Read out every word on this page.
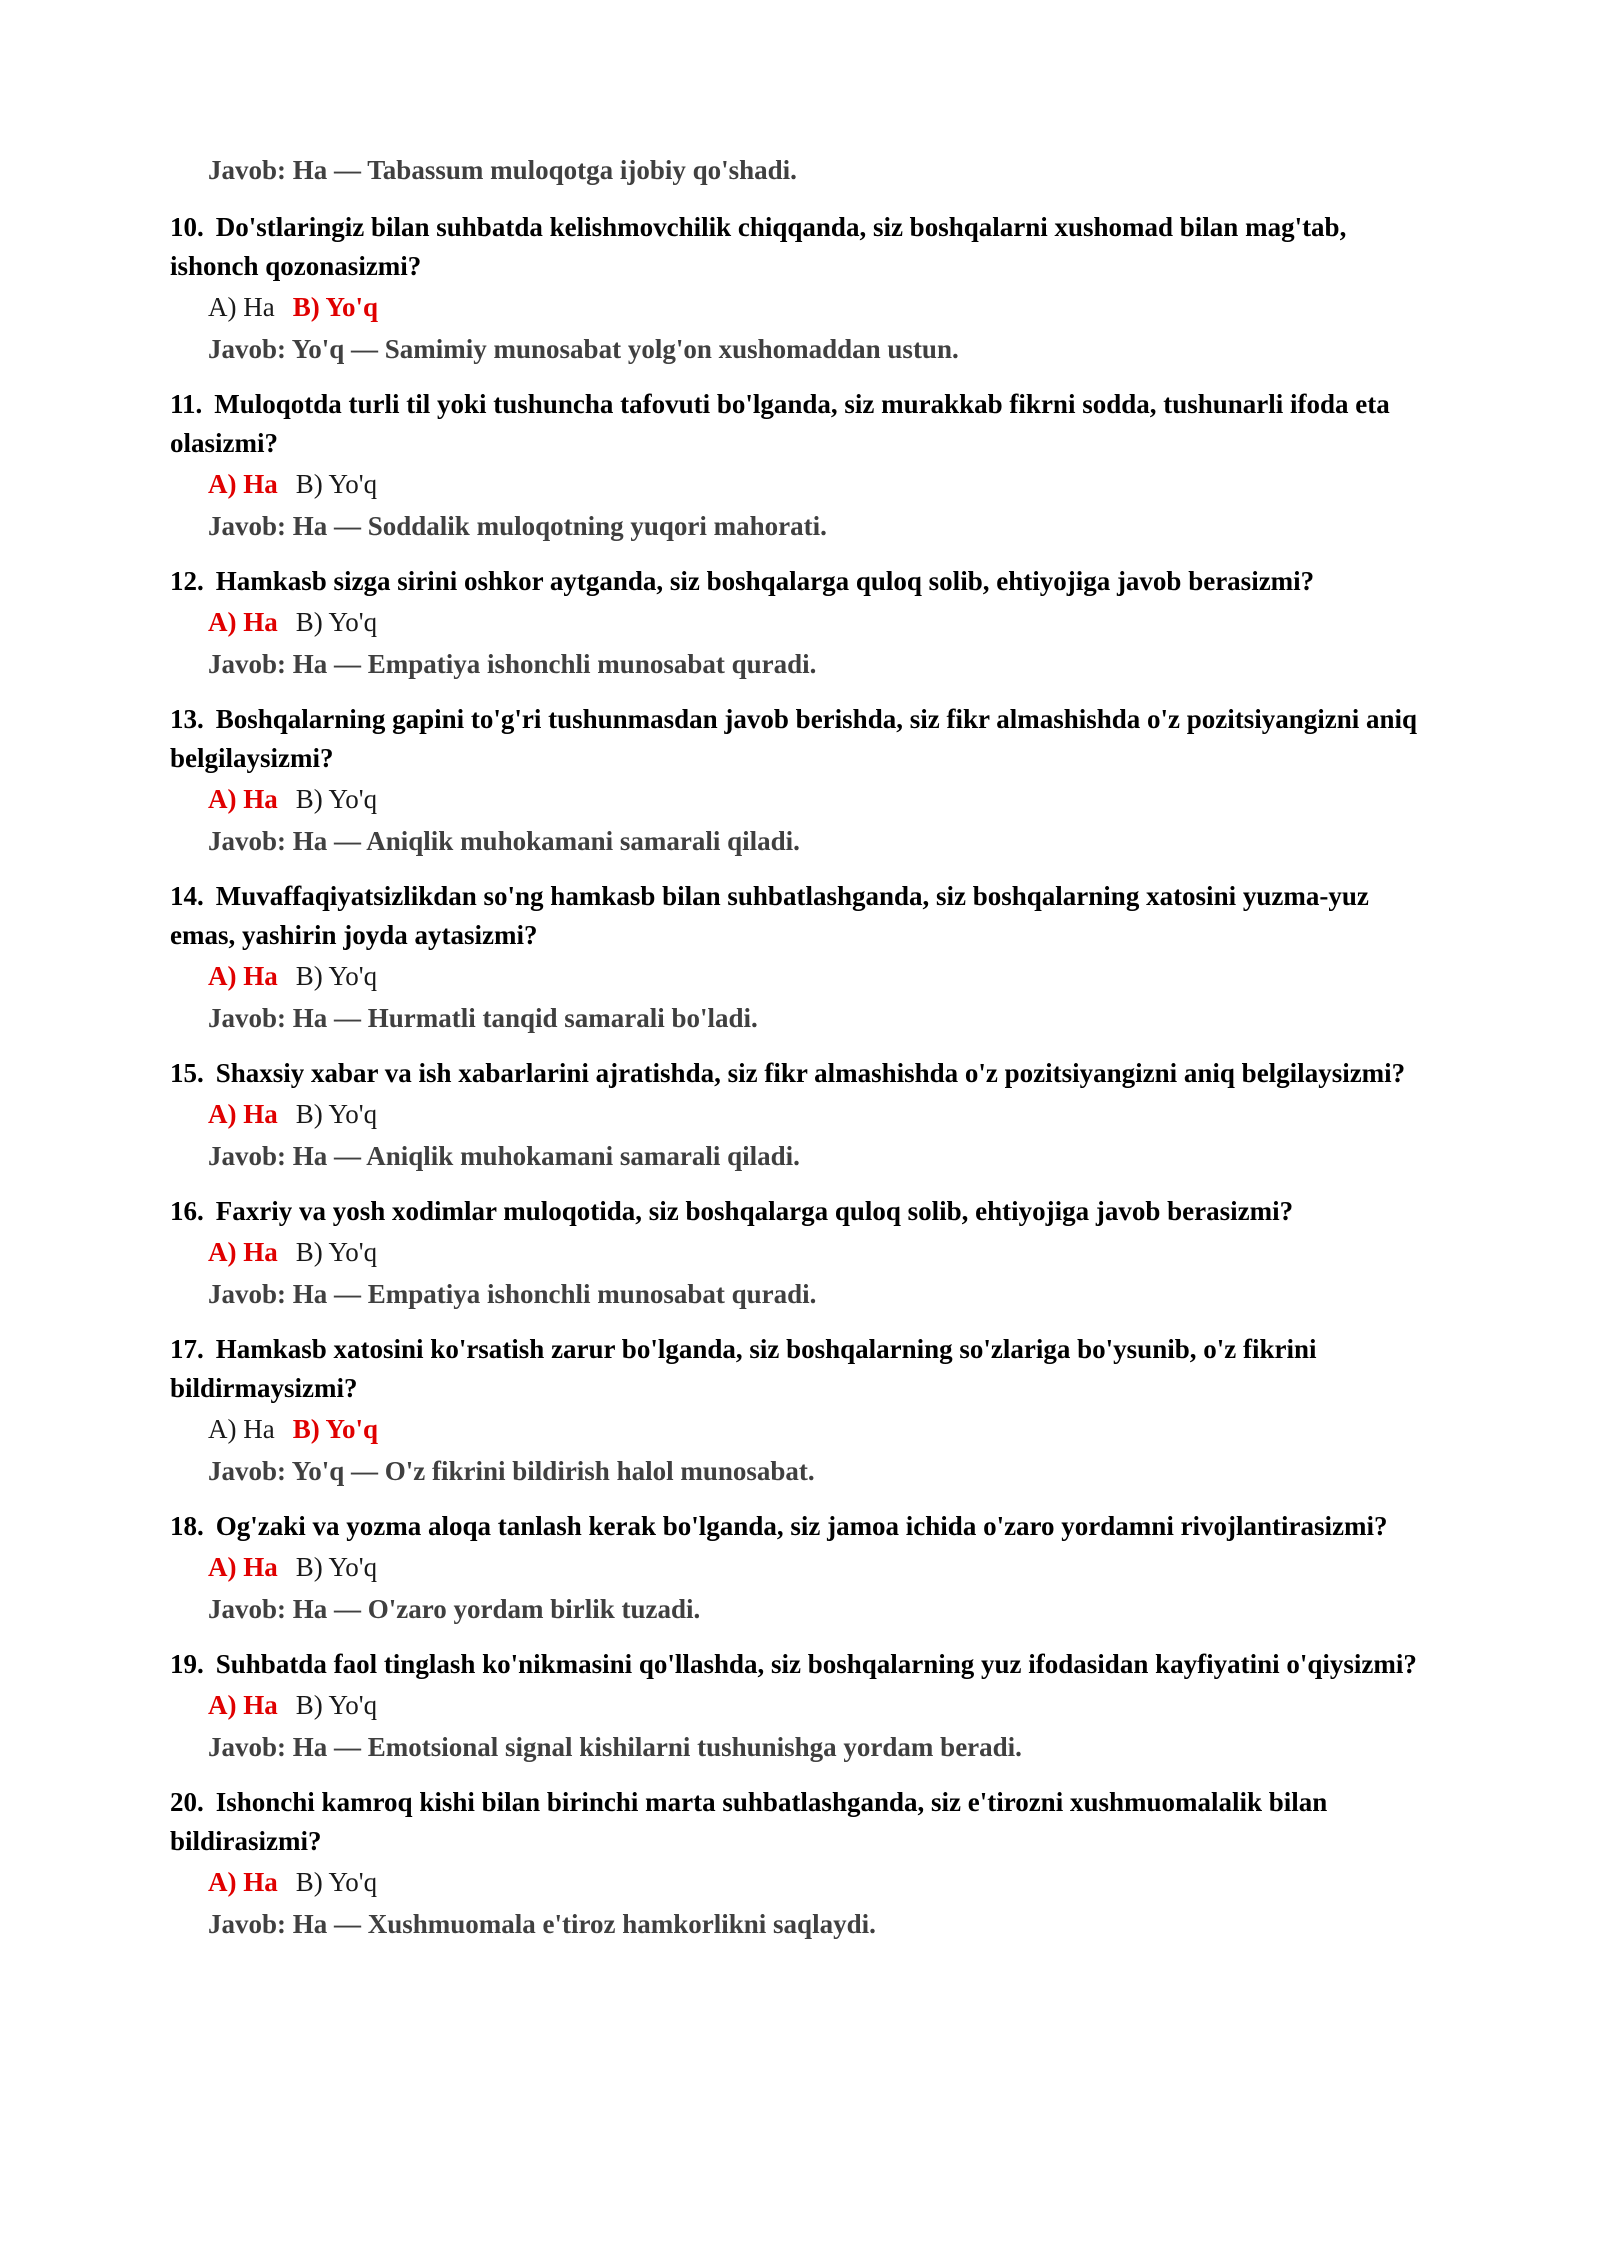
Javob: Ha — Tabassum muloqotga ijobiy qo'shadi.
10. Do'stlaringiz bilan suhbatda kelishmovchilik chiqqanda, siz boshqalarni xushomad bilan mag'tab, ishonch qozonasizmi?
A) Ha B) Yo'q
Javob: Yo'q — Samimiy munosabat yolg'on xushomaddan ustun.
11. Muloqotda turli til yoki tushuncha tafovuti bo'lganda, siz murakkab fikrni sodda, tushunarli ifoda eta olasizmi?
A) Ha B) Yo'q
Javob: Ha — Soddalik muloqotning yuqori mahorati.
12. Hamkasb sizga sirini oshkor aytganda, siz boshqalarga quloq solib, ehtiyojiga javob berasizmi?
A) Ha B) Yo'q
Javob: Ha — Empatiya ishonchli munosabat quradi.
13. Boshqalarning gapini to'g'ri tushunmasdan javob berishda, siz fikr almashishda o'z pozitsiyangizni aniq belgilaysizmi?
A) Ha B) Yo'q
Javob: Ha — Aniqlik muhokamani samarali qiladi.
14. Muvaffaqiyatsizlikdan so'ng hamkasb bilan suhbatlashganda, siz boshqalarning xatosini yuzma-yuz emas, yashirin joyda aytasizmi?
A) Ha B) Yo'q
Javob: Ha — Hurmatli tanqid samarali bo'ladi.
15. Shaxsiy xabar va ish xabarlarini ajratishda, siz fikr almashishda o'z pozitsiyangizni aniq belgilaysizmi?
A) Ha B) Yo'q
Javob: Ha — Aniqlik muhokamani samarali qiladi.
16. Faxriy va yosh xodimlar muloqotida, siz boshqalarga quloq solib, ehtiyojiga javob berasizmi?
A) Ha B) Yo'q
Javob: Ha — Empatiya ishonchli munosabat quradi.
17. Hamkasb xatosini ko'rsatish zarur bo'lganda, siz boshqalarning so'zlariga bo'ysunib, o'z fikrini bildirmaysizmi?
A) Ha B) Yo'q
Javob: Yo'q — O'z fikrini bildirish halol munosabat.
18. Og'zaki va yozma aloqa tanlash kerak bo'lganda, siz jamoa ichida o'zaro yordamni rivojlantirasizmi?
A) Ha B) Yo'q
Javob: Ha — O'zaro yordam birlik tuzadi.
19. Suhbatda faol tinglash ko'nikmasini qo'llashda, siz boshqalarning yuz ifodasidan kayfiyatini o'qiysizmi?
A) Ha B) Yo'q
Javob: Ha — Emotsional signal kishilarni tushunishga yordam beradi.
20. Ishonchi kamroq kishi bilan birinchi marta suhbatlashganda, siz e'tirozni xushmuomalalik bilan bildirasizmi?
A) Ha B) Yo'q
Javob: Ha — Xushmuomala e'tiroz hamkorlikni saqlaydi.
